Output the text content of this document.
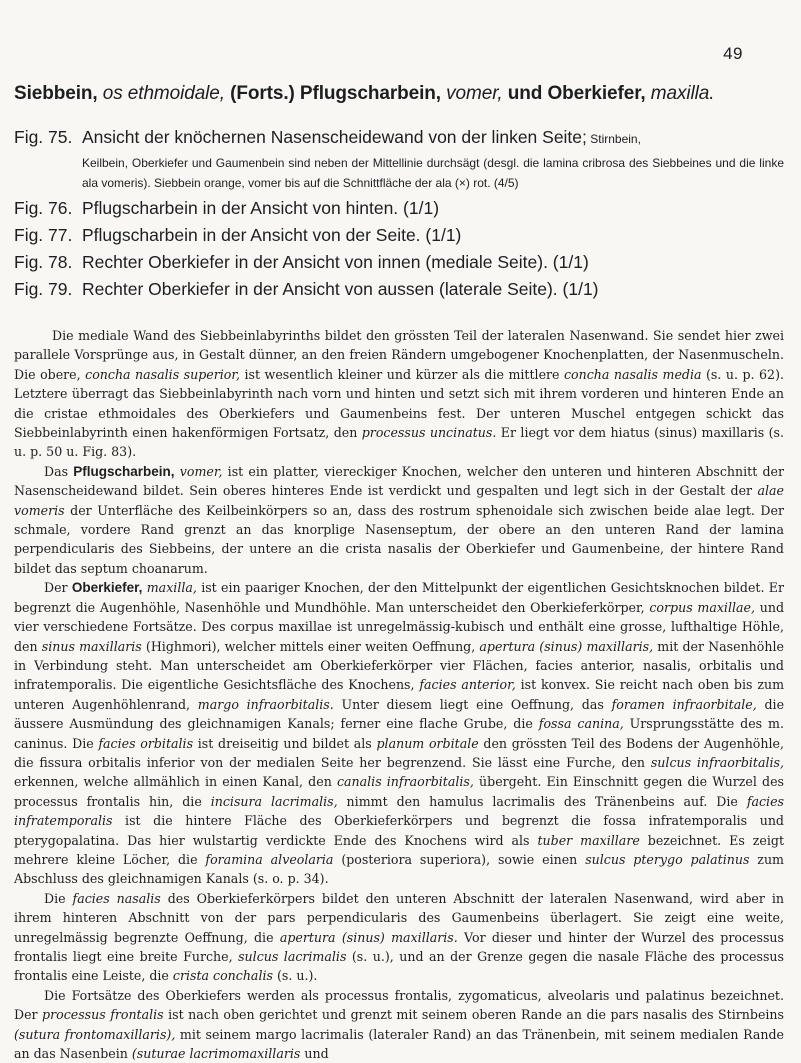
49
Siebbein, os ethmoidale, (Forts.) Pflugscharbein, vomer, und Oberkiefer, maxilla.
Fig. 75. Ansicht der knöchernen Nasenscheidewand von der linken Seite; Stirnbein,
Keilbein, Oberkiefer und Gaumenbein sind neben der Mittellinie durchsägt (desgl. die lamina cribrosa des Siebbeines und die linke ala vomeris). Siebbein orange, vomer bis auf die Schnittfläche der ala (×) rot. (4/5)
Fig. 76. Pflugscharbein in der Ansicht von hinten. (1/1)
Fig. 77. Pflugscharbein in der Ansicht von der Seite. (1/1)
Fig. 78. Rechter Oberkiefer in der Ansicht von innen (mediale Seite). (1/1)
Fig. 79. Rechter Oberkiefer in der Ansicht von aussen (laterale Seite). (1/1)

Die mediale Wand des Siebbeinlabyrinths bildet den grössten Teil der lateralen Nasenwand. Sie sendet hier zwei parallele Vorsprünge aus, in Gestalt dünner, an den freien Rändern umgebogener Knochenplatten, der Nasenmuscheln. Die obere, concha nasalis superior, ist wesentlich kleiner und kürzer als die mittlere concha nasalis media (s. u. p. 62). Letztere überragt das Siebbeinlabyrinth nach vorn und hinten und setzt sich mit ihrem vorderen und hinteren Ende an die cristae ethmoidales des Oberkiefers und Gaumenbeins fest. Der unteren Muschel entgegen schickt das Siebbeinlabyrinth einen hakenförmigen Fortsatz, den processus uncinatus. Er liegt vor dem hiatus (sinus) maxillaris (s. u. p. 50 u. Fig. 83).

Das Pflugscharbein, vomer, ist ein platter, viereckiger Knochen, welcher den unteren und hinteren Abschnitt der Nasenscheidewand bildet. Sein oberes hinteres Ende ist verdickt und gespalten und legt sich in der Gestalt der alae vomeris der Unterfläche des Keilbeinkörpers so an, dass des rostrum sphenoidale sich zwischen beide alae legt. Der schmale, vordere Rand grenzt an das knorplige Nasenseptum, der obere an den unteren Rand der lamina perpendicularis des Siebbeins, der untere an die crista nasalis der Oberkiefer und Gaumenbeine, der hintere Rand bildet das septum choanarum.

Der Oberkiefer, maxilla, ist ein paariger Knochen, der den Mittelpunkt der eigentlichen Gesichtsknochen bildet. Er begrenzt die Augenhöhle, Nasenhöhle und Mundhöhle. Man unterscheidet den Oberkieferkörper, corpus maxillae, und vier verschiedene Fortsätze. Des corpus maxillae ist unregelmässig-kubisch und enthält eine grosse, lufthaltige Höhle, den sinus maxillaris (Highmori), welcher mittels einer weiten Oeffnung, apertura (sinus) maxillaris, mit der Nasenhöhle in Verbindung steht. Man unterscheidet am Oberkieferkörper vier Flächen, facies anterior, nasalis, orbitalis und infratemporalis. Die eigentliche Gesichtsfläche des Knochens, facies anterior, ist konvex. Sie reicht nach oben bis zum unteren Augenhöhlenrand, margo infraorbitalis. Unter diesem liegt eine Oeffnung, das foramen infraorbitale, die äussere Ausmündung des gleichnamigen Kanals; ferner eine flache Grube, die fossa canina, Ursprungsstätte des m. caninus. Die facies orbitalis ist dreiseitig und bildet als planum orbitale den grössten Teil des Bodens der Augenhöhle, die fissura orbitalis inferior von der medialen Seite her begrenzend. Sie lässt eine Furche, den sulcus infraorbitalis, erkennen, welche allmählich in einen Kanal, den canalis infraorbitalis, übergeht. Ein Einschnitt gegen die Wurzel des processus frontalis hin, die incisura lacrimalis, nimmt den hamulus lacrimalis des Tränenbeins auf. Die facies infratemporalis ist die hintere Fläche des Oberkieferkörpers und begrenzt die fossa infratemporalis und pterygopalatina. Das hier wulstartig verdickte Ende des Knochens wird als tuber maxillare bezeichnet. Es zeigt mehrere kleine Löcher, die foramina alveolaria (posteriora superiora), sowie einen sulcus pterygo palatinus zum Abschluss des gleichnamigen Kanals (s. o. p. 34).

Die facies nasalis des Oberkieferkörpers bildet den unteren Abschnitt der lateralen Nasenwand, wird aber in ihrem hinteren Abschnitt von der pars perpendicularis des Gaumenbeins überlagert. Sie zeigt eine weite, unregelmässig begrenzte Oeffnung, die apertura (sinus) maxillaris. Vor dieser und hinter der Wurzel des processus frontalis liegt eine breite Furche, sulcus lacrimalis (s. u.), und an der Grenze gegen die nasale Fläche des processus frontalis eine Leiste, die crista conchalis (s. u.).

Die Fortsätze des Oberkiefers werden als processus frontalis, zygomaticus, alveolaris und palatinus bezeichnet. Der processus frontalis ist nach oben gerichtet und grenzt mit seinem oberen Rande an die pars nasalis des Stirnbeins (sutura frontomaxillaris), mit seinem margo lacrimalis (lateraler Rand) an das Tränenbein, mit seinem medialen Rande an das Nasenbein (suturae lacrimomaxillaris und
